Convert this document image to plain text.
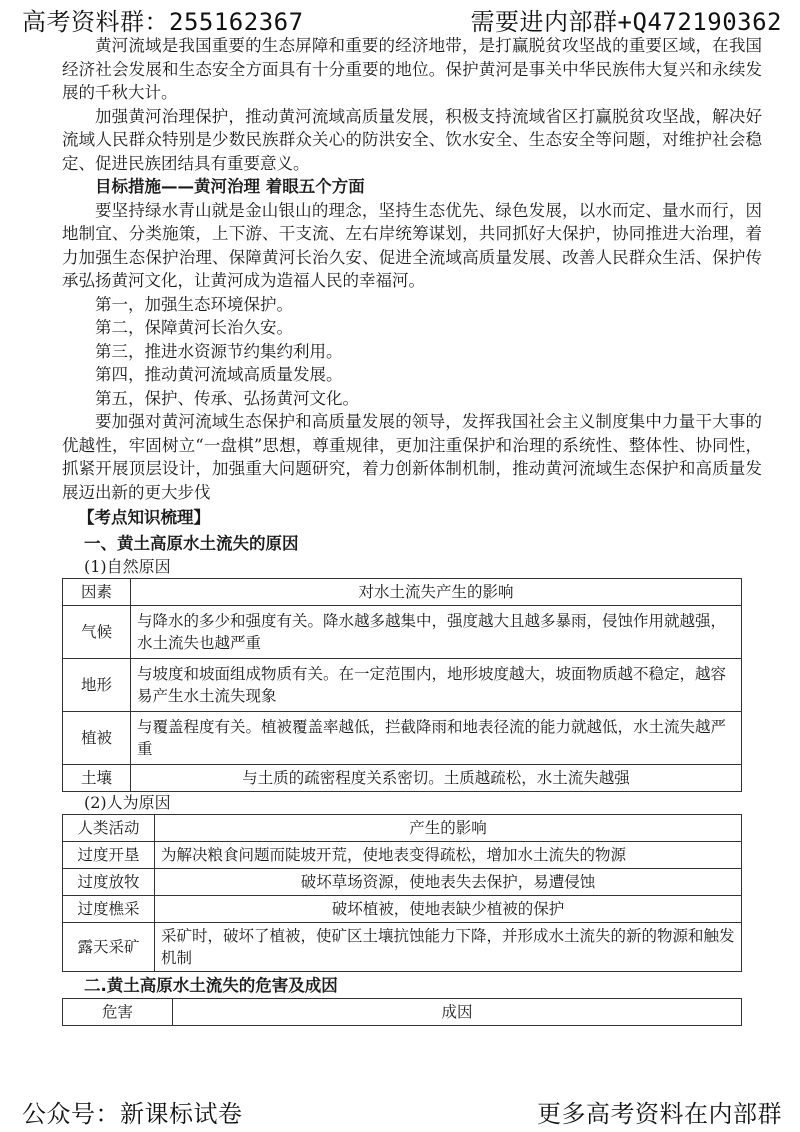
高考资料群：255162367	需要进内部群+Q472190362

黄河流域是我国重要的生态屏障和重要的经济地带，是打赢脱贫攻坚战的重要区域，在我国经济社会发展和生态安全方面具有十分重要的地位。保护黄河是事关中华民族伟大复兴和永续发展的千秋大计。

加强黄河治理保护，推动黄河流域高质量发展，积极支持流域省区打赢脱贫攻坚战，解决好流域人民群众特别是少数民族群众关心的防洪安全、饮水安全、生态安全等问题，对维护社会稳定、促进民族团结具有重要意义。

目标措施——黄河治理 着眼五个方面

要坚持绿水青山就是金山银山的理念，坚持生态优先、绿色发展，以水而定、量水而行，因地制宜、分类施策，上下游、干支流、左右岸统筹谋划，共同抓好大保护，协同推进大治理，着力加强生态保护治理、保障黄河长治久安、促进全流域高质量发展、改善人民群众生活、保护传承弘扬黄河文化，让黄河成为造福人民的幸福河。

第一，加强生态环境保护。

第二，保障黄河长治久安。

第三，推进水资源节约集约利用。

第四，推动黄河流域高质量发展。

第五，保护、传承、弘扬黄河文化。

要加强对黄河流域生态保护和高质量发展的领导，发挥我国社会主义制度集中力量干大事的优越性，牢固树立“一盘棋”思想，尊重规律，更加注重保护和治理的系统性、整体性、协同性，抓紧开展顶层设计，加强重大问题研究，着力创新体制机制，推动黄河流域生态保护和高质量发展迈出新的更大步伐

【考点知识梳理】
一、黄土高原水土流失的原因
(1)自然原因
因素	对水土流失产生的影响
气候	与降水的多少和强度有关。降水越多越集中，强度越大且越多暴雨，侵蚀作用就越强，水土流失也越严重
地形	与坡度和坡面组成物质有关。在一定范围内，地形坡度越大，坡面物质越不稳定，越容易产生水土流失现象
植被	与覆盖程度有关。植被覆盖率越低，拦截降雨和地表径流的能力就越低，水土流失越严重
土壤	与土质的疏密程度关系密切。土质越疏松，水土流失越强
(2)人为原因
人类活动	产生的影响
过度开垦	为解决粮食问题而陡坡开荒，使地表变得疏松，增加水土流失的物源
过度放牧	破坏草场资源，使地表失去保护，易遭侵蚀
过度樵采	破坏植被，使地表缺少植被的保护
露天采矿	采矿时，破坏了植被，使矿区土壤抗蚀能力下降，并形成水土流失的新的物源和触发机制
二.黄土高原水土流失的危害及成因
危害	成因
公众号：新课标试卷	更多高考资料在内部群
